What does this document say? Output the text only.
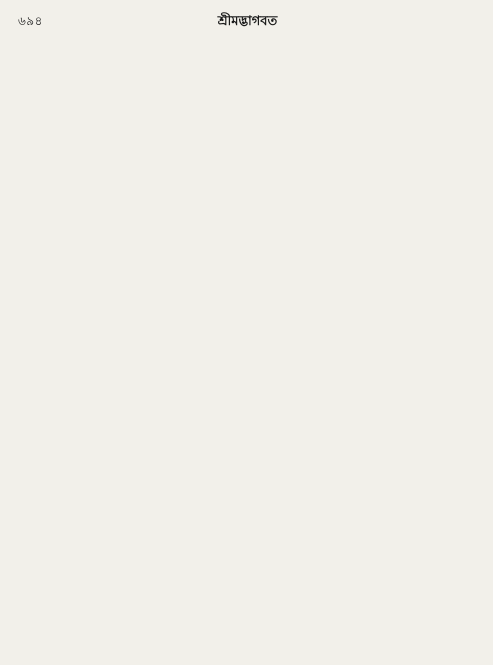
৬৯৪	শ্রীমদ্ভাগবত
